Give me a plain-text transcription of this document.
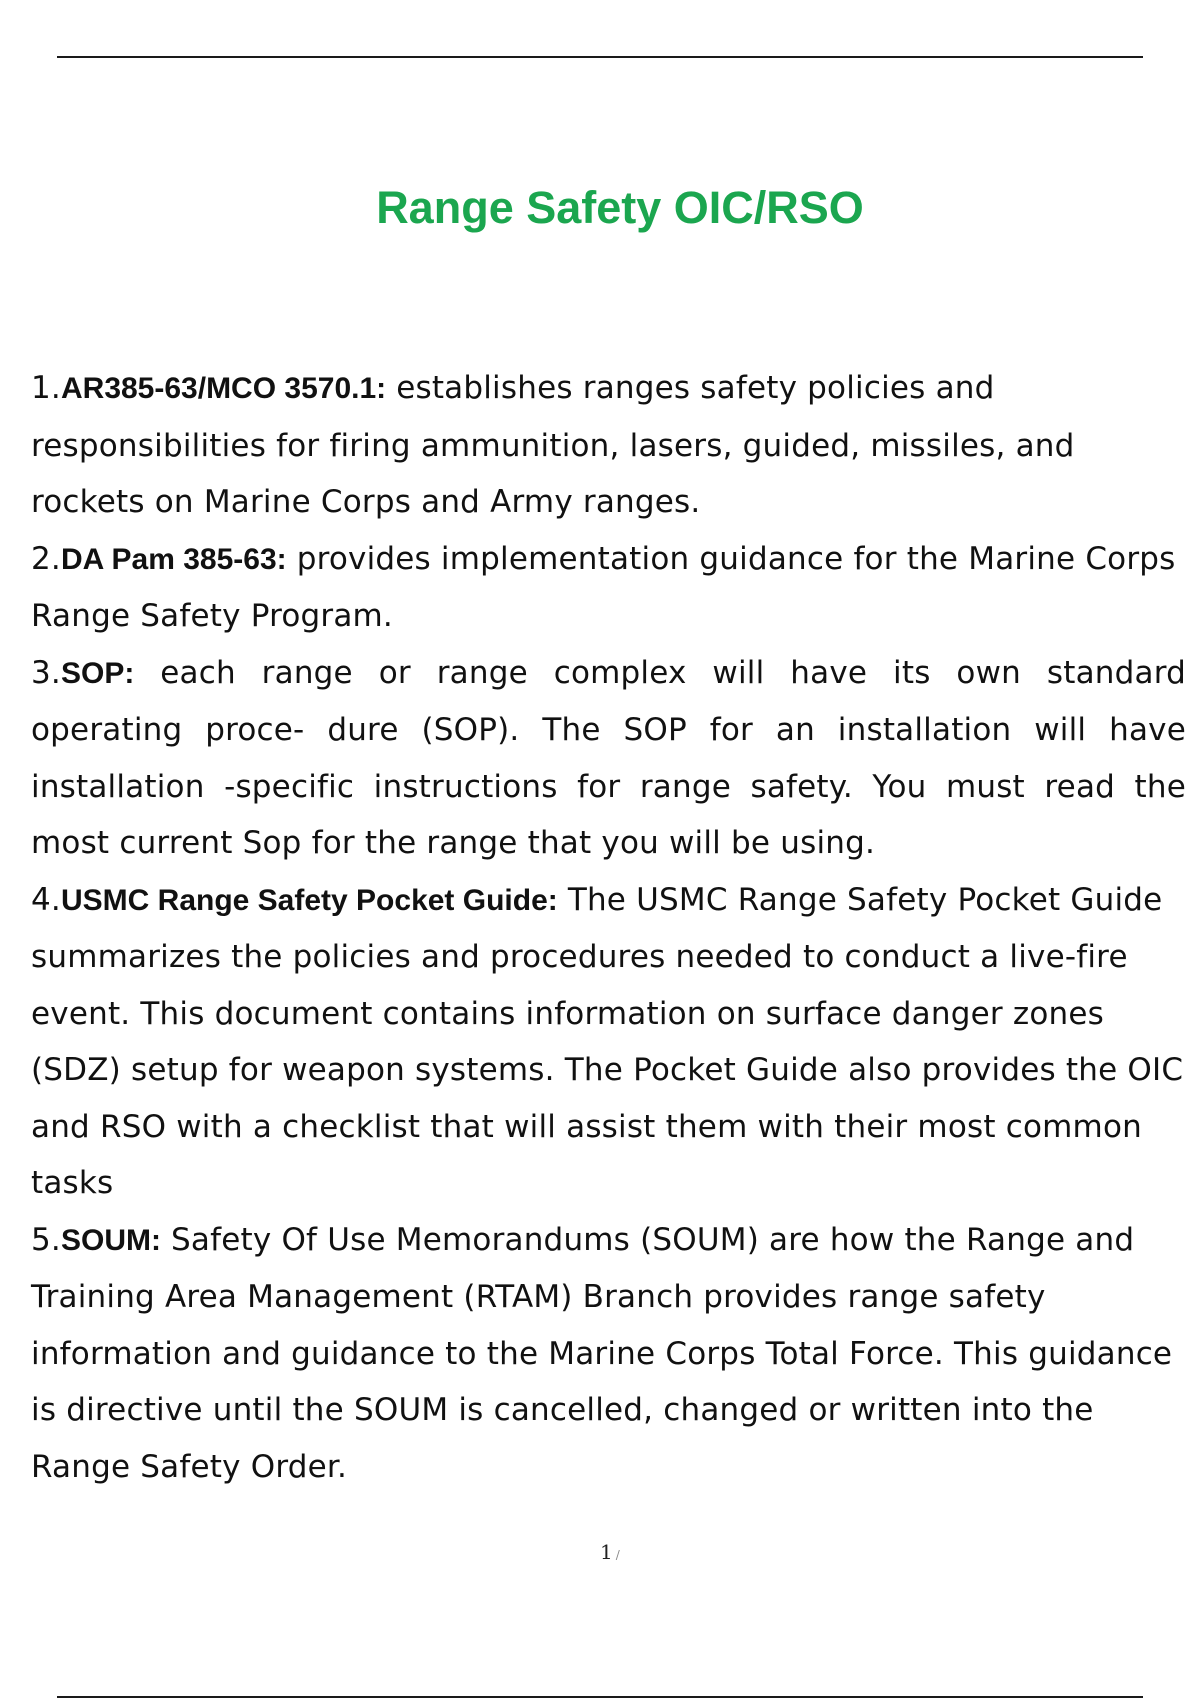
Range Safety OIC/RSO

1.AR385-63/MCO 3570.1: establishes ranges safety policies and responsibilities for firing ammunition, lasers, guided, missiles, and rockets on Marine Corps and Army ranges.

2.DA Pam 385-63: provides implementation guidance for the Marine Corps Range Safety Program.

3.SOP: each range or range complex will have its own standard operating proce- dure (SOP). The SOP for an installation will have installation -specific instructions for range safety. You must read the most current Sop for the range that you will be using.

4.USMC Range Safety Pocket Guide: The USMC Range Safety Pocket Guide summarizes the policies and procedures needed to conduct a live-fire event. This document contains information on surface danger zones (SDZ) setup for weapon systems. The Pocket Guide also provides the OIC and RSO with a checklist that will assist them with their most common tasks

5.SOUM: Safety Of Use Memorandums (SOUM) are how the Range and Training Area Management (RTAM) Branch provides range safety information and guidance to the Marine Corps Total Force. This guidance is directive until the SOUM is cancelled, changed or written into the Range Safety Order.

1 /
